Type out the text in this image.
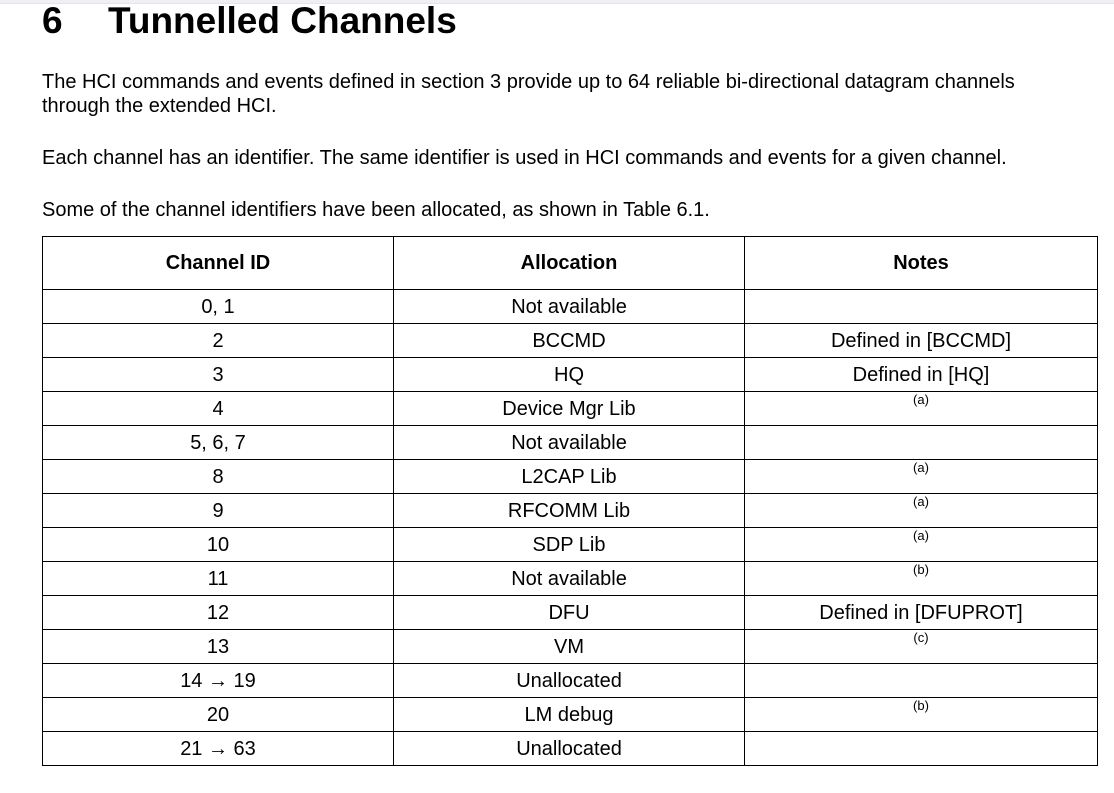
6 Tunnelled Channels

The HCI commands and events defined in section 3 provide up to 64 reliable bi-directional datagram channels through the extended HCI.

Each channel has an identifier. The same identifier is used in HCI commands and events for a given channel.

Some of the channel identifiers have been allocated, as shown in Table 6.1.

Channel ID	Allocation	Notes
0, 1	Not available	
2	BCCMD	Defined in [BCCMD]
3	HQ	Defined in [HQ]
4	Device Mgr Lib	(a)
5, 6, 7	Not available	
8	L2CAP Lib	(a)
9	RFCOMM Lib	(a)
10	SDP Lib	(a)
11	Not available	(b)
12	DFU	Defined in [DFUPROT]
13	VM	(c)
14 → 19	Unallocated	
20	LM debug	(b)
21 → 63	Unallocated	
